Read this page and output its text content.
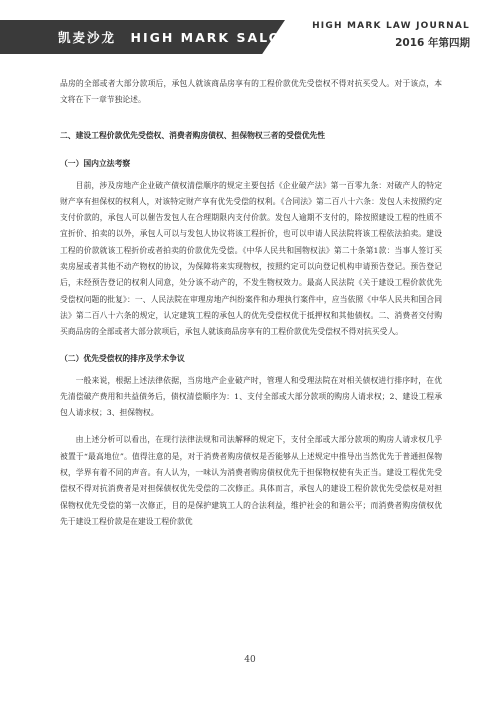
凯麦沙龙　HIGH MARK SALON
HIGH MARK LAW JOURNAL
2016 年第四期

品房的全部或者大部分款项后，承包人就该商品房享有的工程价款优先受偿权不得对抗买受人。对于该点，本文将在下一章节独论述。

二、建设工程价款优先受偿权、消费者购房债权、担保物权三者的受偿优先性
（一）国内立法考察

目前，涉及房地产企业破产债权清偿顺序的规定主要包括《企业破产法》第一百零九条：对破产人的特定财产享有担保权的权利人，对该特定财产享有优先受偿的权利。《合同法》第二百八十六条：发包人未按照约定支付价款的，承包人可以催告发包人在合理期限内支付价款。发包人逾期不支付的，除按照建设工程的性质不宜折价、拍卖的以外，承包人可以与发包人协议将该工程折价，也可以申请人民法院将该工程依法拍卖。建设工程的价款就该工程折价或者拍卖的价款优先受偿。《中华人民共和国物权法》第二十条第1款：当事人签订买卖房屋或者其他不动产物权的协议，为保障将来实现物权，按照约定可以向登记机构申请预告登记。预告登记后，未经预告登记的权利人同意，处分该不动产的，不发生物权效力。最高人民法院《关于建设工程价款优先受偿权问题的批复》：一、人民法院在审理房地产纠纷案件和办理执行案件中，应当依照《中华人民共和国合同法》第二百八十六条的规定，认定建筑工程的承包人的优先受偿权优于抵押权和其他债权。二、消费者交付购买商品房的全部或者大部分款项后，承包人就该商品房享有的工程价款优先受偿权不得对抗买受人。

（二）优先受偿权的排序及学术争议

一般来说，根据上述法律依据，当房地产企业破产时，管理人和受理法院在对相关债权进行排序时，在优先清偿破产费用和共益债务后，债权清偿顺序为：1、支付全部或大部分款项的购房人请求权；2、建设工程承包人请求权；3、担保物权。

由上述分析可以看出，在现行法律法规和司法解释的规定下，支付全部或大部分款项的购房人请求权几乎被置于“最高地位”。值得注意的是，对于消费者购房债权是否能够从上述规定中推导出当然优先于普通担保物权，学界有着不同的声音。有人认为，一味认为消费者购房债权优先于担保物权使有失正当。建设工程优先受偿权不得对抗消费者是对担保债权优先受偿的二次修正。具体而言，承包人的建设工程价款优先受偿权是对担保物权优先受偿的第一次修正，目的是保护建筑工人的合法利益，维护社会的和谐公平；而消费者购房债权优先于建设工程价款是在建设工程价款优

40
